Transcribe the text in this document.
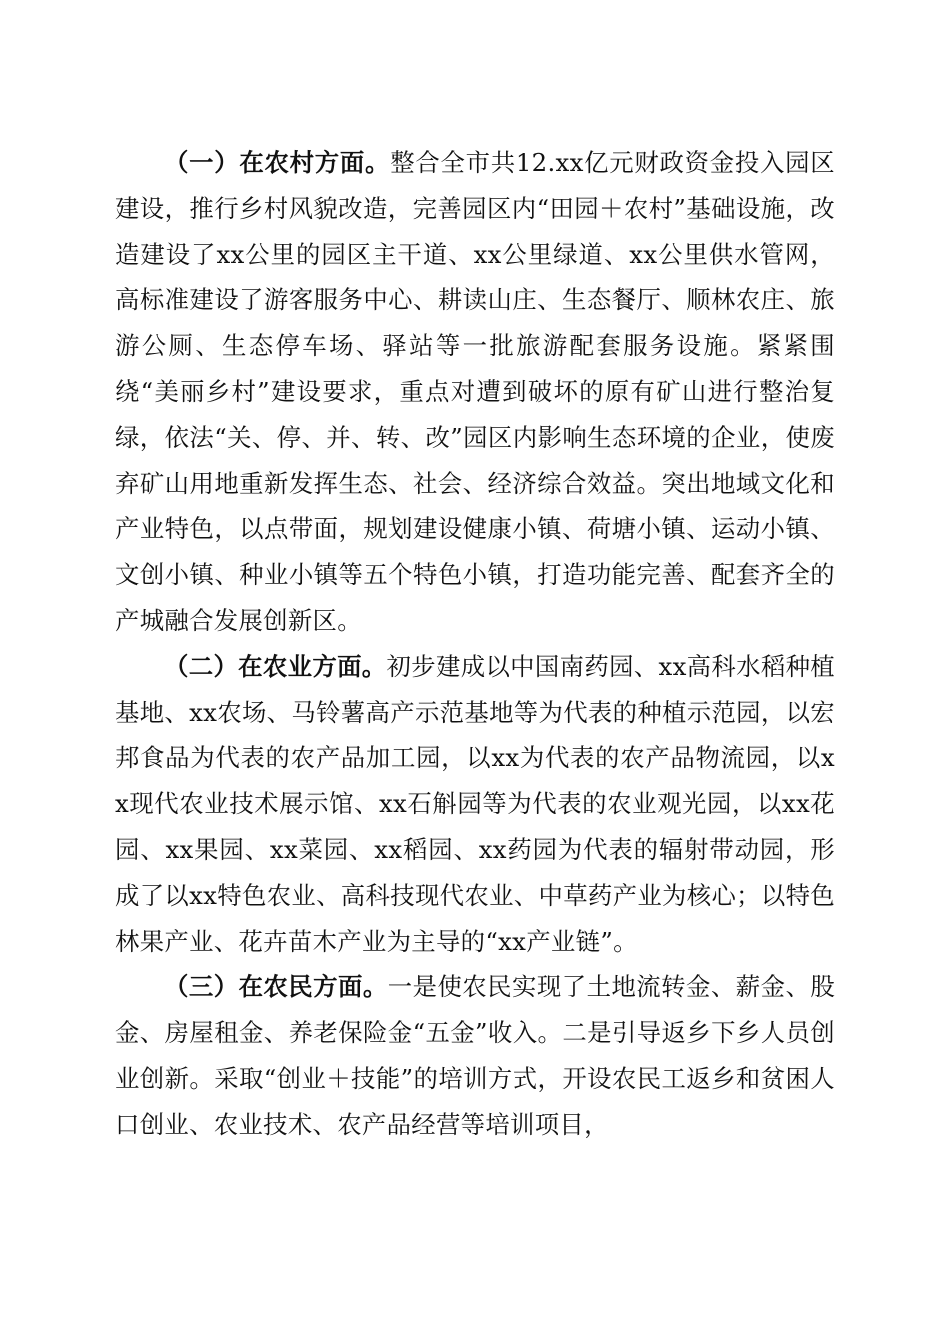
（一）在农村方面。整合全市共12.xx亿元财政资金投入园区建设，推行乡村风貌改造，完善园区内“田园＋农村”基础设施，改造建设了xx公里的园区主干道、xx公里绿道、xx公里供水管网，高标准建设了游客服务中心、耕读山庄、生态餐厅、顺林农庄、旅游公厕、生态停车场、驿站等一批旅游配套服务设施。紧紧围绕“美丽乡村”建设要求，重点对遭到破坏的原有矿山进行整治复绿，依法“关、停、并、转、改”园区内影响生态环境的企业，使废弃矿山用地重新发挥生态、社会、经济综合效益。突出地域文化和产业特色，以点带面，规划建设健康小镇、荷塘小镇、运动小镇、文创小镇、种业小镇等五个特色小镇，打造功能完善、配套齐全的产城融合发展创新区。

（二）在农业方面。初步建成以中国南药园、xx高科水稻种植基地、xx农场、马铃薯高产示范基地等为代表的种植示范园，以宏邦食品为代表的农产品加工园，以xx为代表的农产品物流园，以xx现代农业技术展示馆、xx石斛园等为代表的农业观光园，以xx花园、xx果园、xx菜园、xx稻园、xx药园为代表的辐射带动园，形成了以xx特色农业、高科技现代农业、中草药产业为核心；以特色林果产业、花卉苗木产业为主导的“xx产业链”。

（三）在农民方面。一是使农民实现了土地流转金、薪金、股金、房屋租金、养老保险金“五金”收入。二是引导返乡下乡人员创业创新。采取“创业＋技能”的培训方式，开设农民工返乡和贫困人口创业、农业技术、农产品经营等培训项目，
